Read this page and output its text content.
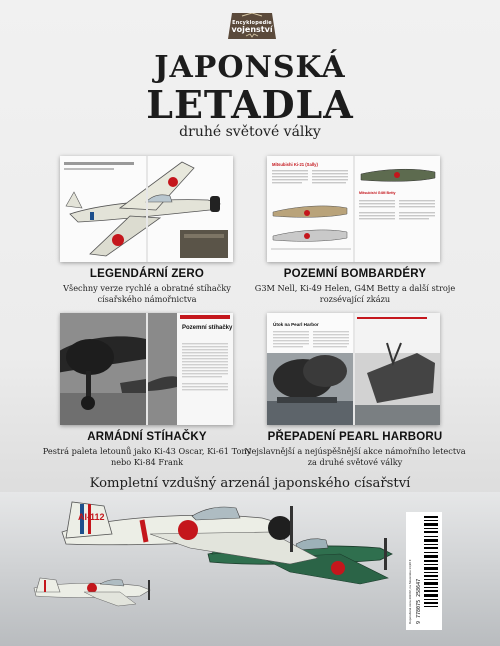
Encyklopedie
vojenství
JAPONSKÁ
LETADLA
druhé světové války
LEGENDÁRNÍ ZERO
Všechny verze rychlé a obratné stíhačky
císařského námořnictva
Mitsubishi Ki-21 (Sally)
Mitsubishi G4M Betty
POZEMNÍ BOMBARDÉRY
G3M Nell, Ki-49 Helen, G4M Betty a další stroje
rozsévající zkázu
Pozemní stíhačky
ARMÁDNÍ STÍHAČKY
Pestrá paleta letounů jako Ki-43 Oscar, Ki-61 Tony
nebo Ki-84 Frank
Útok na Pearl Harbor
PŘEPADENÍ PEARL HARBORU
Nejslavnější a nejúspěšnější akce námořního letectva
za druhé světové války
Kompletní vzdušný arzenál japonského císařství
AI-112
9 778075 258647
Doporučená cena 299 Kč, na Slovensku 14,90 €
